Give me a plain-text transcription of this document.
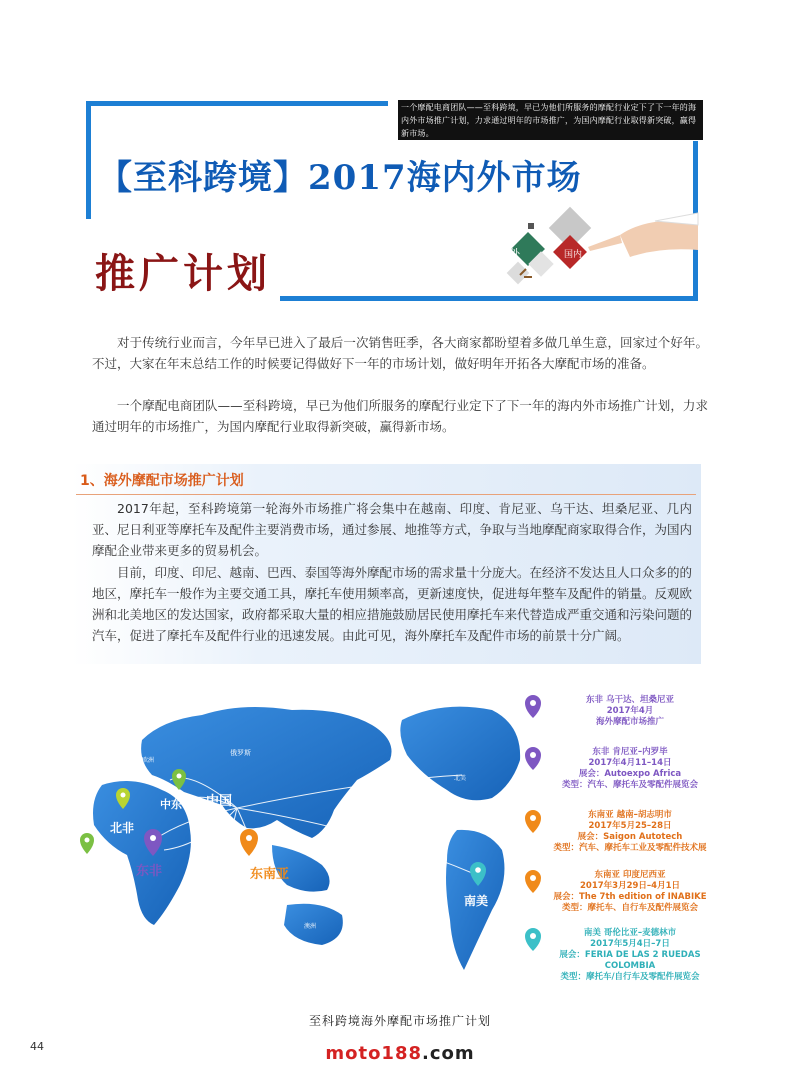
一个摩配电商团队——至科跨境，早已为他们所服务的摩配行业定下了下一年的海内外市场推广计划，力求通过明年的市场推广，为国内摩配行业取得新突破，赢得新市场。
【至科跨境】2017海内外市场
推广计划	海外	国内
对于传统行业而言，今年早已进入了最后一次销售旺季，各大商家都盼望着多做几单生意，回家过个好年。不过，大家在年末总结工作的时候要记得做好下一年的市场计划，做好明年开拓各大摩配市场的准备。
一个摩配电商团队——至科跨境，早已为他们所服务的摩配行业定下了下一年的海内外市场推广计划，力求通过明年的市场推广，为国内摩配行业取得新突破，赢得新市场。
1、海外摩配市场推广计划
2017年起，至科跨境第一轮海外市场推广将会集中在越南、印度、肯尼亚、乌干达、坦桑尼亚、几内亚、尼日利亚等摩托车及配件主要消费市场，通过参展、地推等方式，争取与当地摩配商家取得合作，为国内摩配企业带来更多的贸易机会。
目前，印度、印尼、越南、巴西、泰国等海外摩配市场的需求量十分庞大。在经济不发达且人口众多的的地区，摩托车一般作为主要交通工具，摩托车使用频率高，更新速度快，促进每年整车及配件的销量。反观欧洲和北美地区的发达国家，政府都采取大量的相应措施鼓励居民使用摩托车来代替造成严重交通和污染问题的汽车，促进了摩托车及配件行业的迅速发展。由此可见，海外摩托车及配件市场的前景十分广阔。
中国
俄罗斯
欧洲
北美
印度
澳洲
南非
中东
北非
西非
东非	东南亚
南美
东非 乌干达、坦桑尼亚
2017年4月
海外摩配市场推广
东非 肯尼亚–内罗毕
2017年4月11–14日
展会：Autoexpo Africa
类型：汽车、摩托车及零配件展览会
东南亚 越南–胡志明市
2017年5月25–28日
展会：Saigon Autotech
类型：汽车、摩托车工业及零配件技术展
东南亚 印度尼西亚
2017年3月29日–4月1日
展会：The 7th edition of INABIKE
类型：摩托车、自行车及配件展览会
南美 哥伦比亚–麦德林市
2017年5月4日–7日
展会：FERIA DE LAS 2 RUEDAS COLOMBIA
类型：摩托车/自行车及零配件展览会
至科跨境海外摩配市场推广计划
44	moto188.com
